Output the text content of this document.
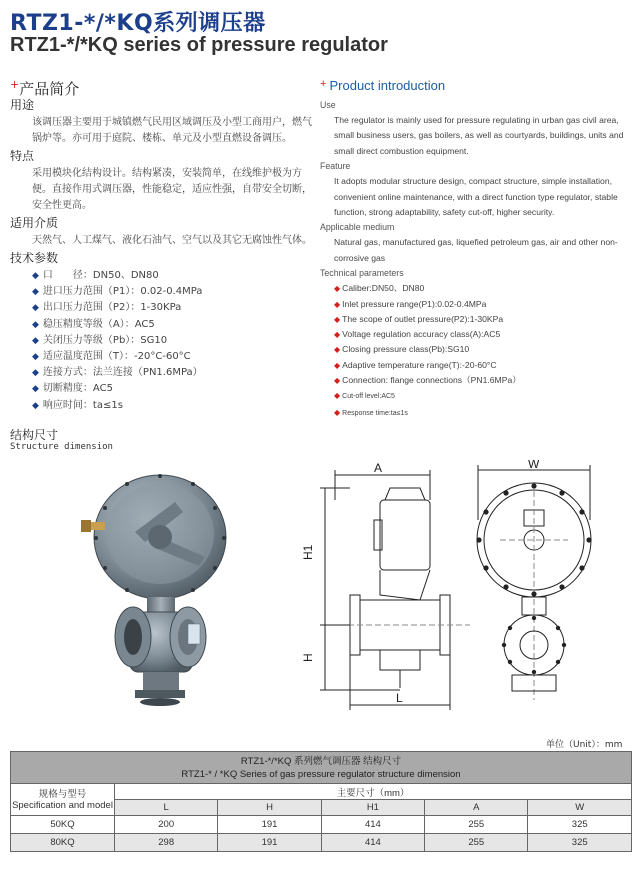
RTZ1-*/*KQ系列调压器
RTZ1-*/*KQ series of pressure regulator
+产品简介	+ Product introduction
用途
该调压器主要用于城镇燃气民用区域调压及小型工商用户，燃气锅炉等。亦可用于庭院、楼栋、单元及小型直燃设备调压。
特点
采用模块化结构设计。结构紧凑，安装简单，在线维护极为方便。直接作用式调压器，性能稳定，适应性强，自带安全切断，安全性更高。
适用介质
天然气、人工煤气、液化石油气、空气以及其它无腐蚀性气体。
技术参数
◆ 口　　径：DN50、DN80
◆ 进口压力范围（P1）：0.02-0.4MPa
◆ 出口压力范围（P2）：1-30KPa
◆ 稳压精度等级（A）：AC5
◆ 关闭压力等级（Pb）：SG10
◆ 适应温度范围（T）：-20°C-60°C
◆ 连接方式：法兰连接（PN1.6MPa）
◆ 切断精度：AC5
◆ 响应时间：ta≤1s
Use
The regulator is mainly used for pressure regulating in urban gas civil area, small business users, gas boilers, as well as courtyards, buildings, units and small direct combustion equipment.
Feature
It adopts modular structure design, compact structure, simple installation, convenient online maintenance, with a direct function type regulator, stable function, strong adaptability, safety cut-off, higher security.
Applicable medium
Natural gas, manufactured gas, liquefied petroleum gas, air and other non-corrosive gas
Technical parameters
◆ Caliber:DN50、DN80
◆ Inlet pressure range(P1):0.02-0.4MPa
◆ The scope of outlet pressure(P2):1-30KPa
◆ Voltage regulation accuracy class(A):AC5
◆ Closing pressure class(Pb):SG10
◆ Adaptive temperature range(T):-20-60°C
◆ Connection: flange connections（PN1.6MPa）
◆ Cut-off level:AC5
◆ Response time:ta≤1s
结构尺寸
Structure dimension
A	W
H1
H
L
单位（Unit）：mm
RTZ1-*/*KQ 系列燃气调压器 结构尺寸
RTZ1-* / *KQ Series of gas pressure regulator structure dimension					

规格与型号
Specification and model	主要尺寸（mm）				
	L	H	H1	A	W
50KQ	200	191	414	255	325
80KQ	298	191	414	255	325
